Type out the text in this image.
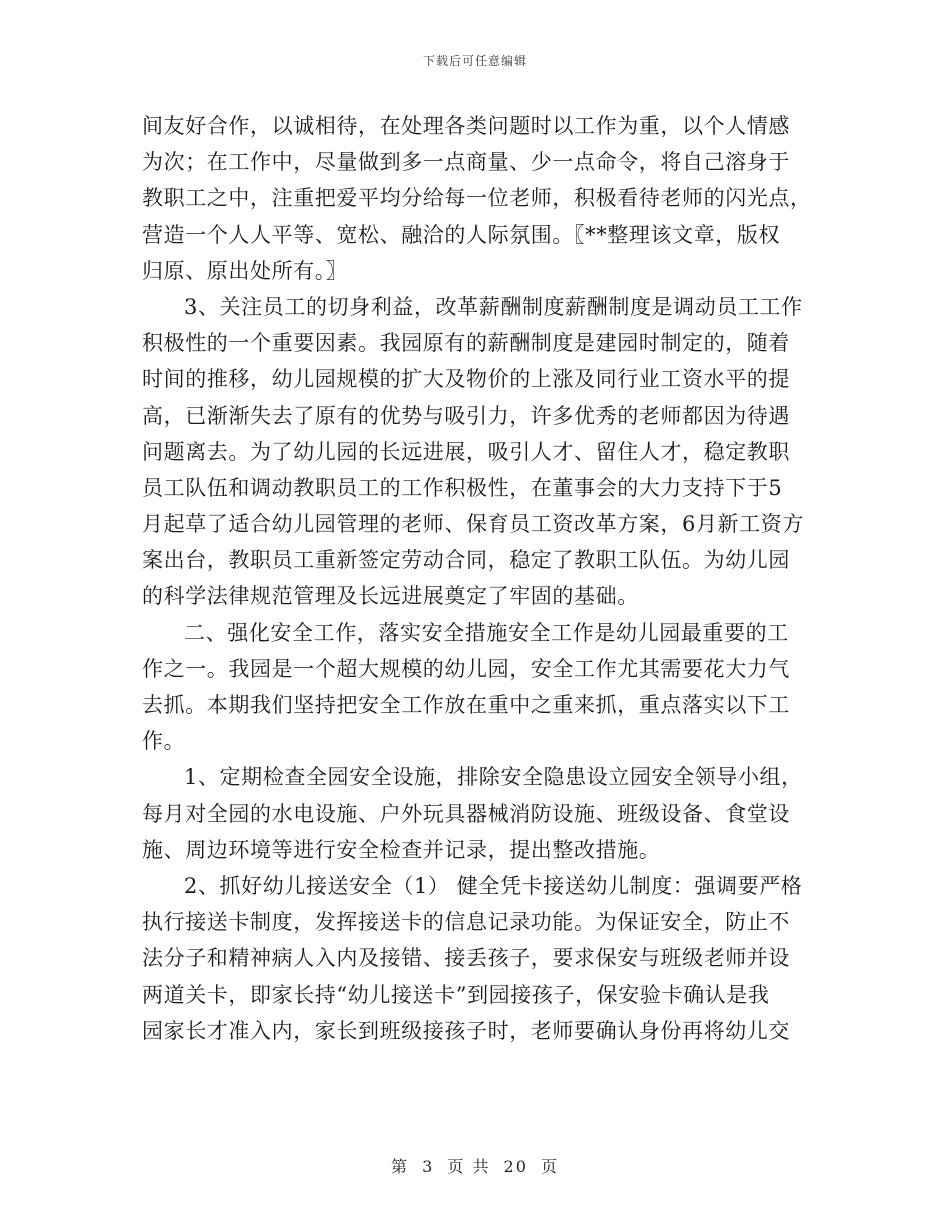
下载后可任意编辑
间友好合作，以诚相待，在处理各类问题时以工作为重，以个人情感
为次；在工作中，尽量做到多一点商量、少一点命令，将自己溶身于
教职工之中，注重把爱平均分给每一位老师，积极看待老师的闪光点，
营造一个人人平等、宽松、融洽的人际氛围。〖**整理该文章，版权
归原、原出处所有。〗
3、关注员工的切身利益，改革薪酬制度薪酬制度是调动员工工作
积极性的一个重要因素。我园原有的薪酬制度是建园时制定的，随着
时间的推移，幼儿园规模的扩大及物价的上涨及同行业工资水平的提
高，已渐渐失去了原有的优势与吸引力，许多优秀的老师都因为待遇
问题离去。为了幼儿园的长远进展，吸引人才、留住人才，稳定教职
员工队伍和调动教职员工的工作积极性，在董事会的大力支持下于5
月起草了适合幼儿园管理的老师、保育员工资改革方案，6月新工资方
案出台，教职员工重新签定劳动合同，稳定了教职工队伍。为幼儿园
的科学法律规范管理及长远进展奠定了牢固的基础。
二、强化安全工作，落实安全措施安全工作是幼儿园最重要的工
作之一。我园是一个超大规模的幼儿园，安全工作尤其需要花大力气
去抓。本期我们坚持把安全工作放在重中之重来抓，重点落实以下工
作。
1、定期检查全园安全设施，排除安全隐患设立园安全领导小组，
每月对全园的水电设施、户外玩具器械消防设施、班级设备、食堂设
施、周边环境等进行安全检查并记录，提出整改措施。
2、抓好幼儿接送安全（1） 健全凭卡接送幼儿制度：强调要严格
执行接送卡制度，发挥接送卡的信息记录功能。为保证安全，防止不
法分子和精神病人入内及接错、接丢孩子，要求保安与班级老师并设
两道关卡，即家长持“幼儿接送卡”到园接孩子，保安验卡确认是我
园家长才准入内，家长到班级接孩子时，老师要确认身份再将幼儿交
第 3 页 共 20 页
